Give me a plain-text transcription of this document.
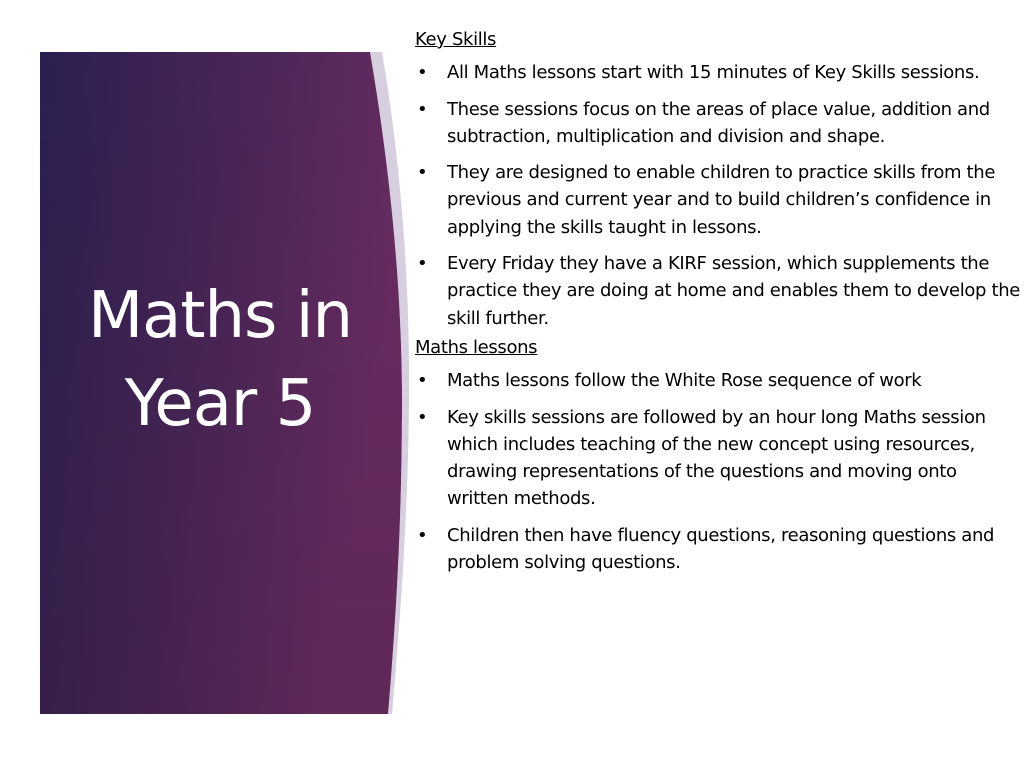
Maths in
Year 5
Key Skills
• All Maths lessons start with 15 minutes of Key Skills sessions.
• These sessions focus on the areas of place value, addition and subtraction, multiplication and division and shape.
• They are designed to enable children to practice skills from the previous and current year and to build children’s confidence in applying the skills taught in lessons.
• Every Friday they have a KIRF session, which supplements the practice they are doing at home and enables them to develop the skill further.
Maths lessons
• Maths lessons follow the White Rose sequence of work
• Key skills sessions are followed by an hour long Maths session which includes teaching of the new concept using resources, drawing representations of the questions and moving onto written methods.
• Children then have fluency questions, reasoning questions and problem solving questions.
